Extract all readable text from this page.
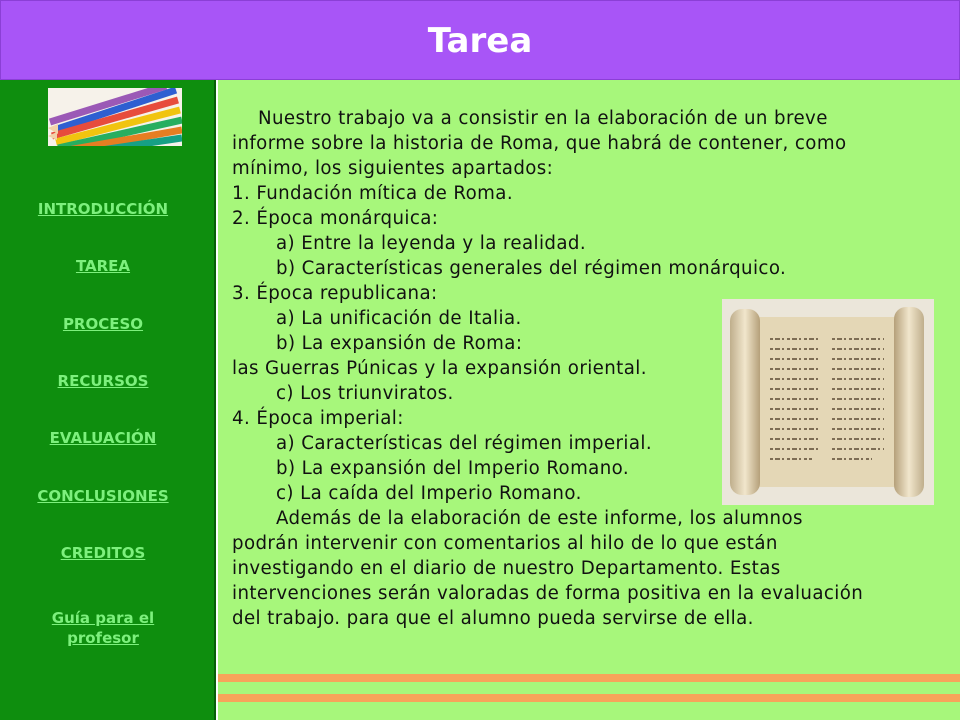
Tarea
INTRODUCCIÓN
TAREA
PROCESO
RECURSOS
EVALUACIÓN
CONCLUSIONES
CREDITOS
Guía para el profesor

Nuestro trabajo va a consistir en la elaboración de un breve

informe sobre la historia de Roma, que habrá de contener, como

mínimo, los siguientes apartados:

1. Fundación mítica de Roma.

2. Época monárquica:

a) Entre la leyenda y la realidad.

b) Características generales del régimen monárquico.

3. Época republicana:

a) La unificación de Italia.

b) La expansión de Roma:

las Guerras Púnicas y la expansión oriental.

c) Los triunviratos.

4. Época imperial:

a) Características del régimen imperial.

b) La expansión del Imperio Romano.

c) La caída del Imperio Romano.

Además de la elaboración de este informe, los alumnos

podrán intervenir con comentarios al hilo de lo que están

investigando en el diario de nuestro Departamento. Estas

intervenciones serán valoradas de forma positiva en la evaluación

del trabajo. para que el alumno pueda servirse de ella.
